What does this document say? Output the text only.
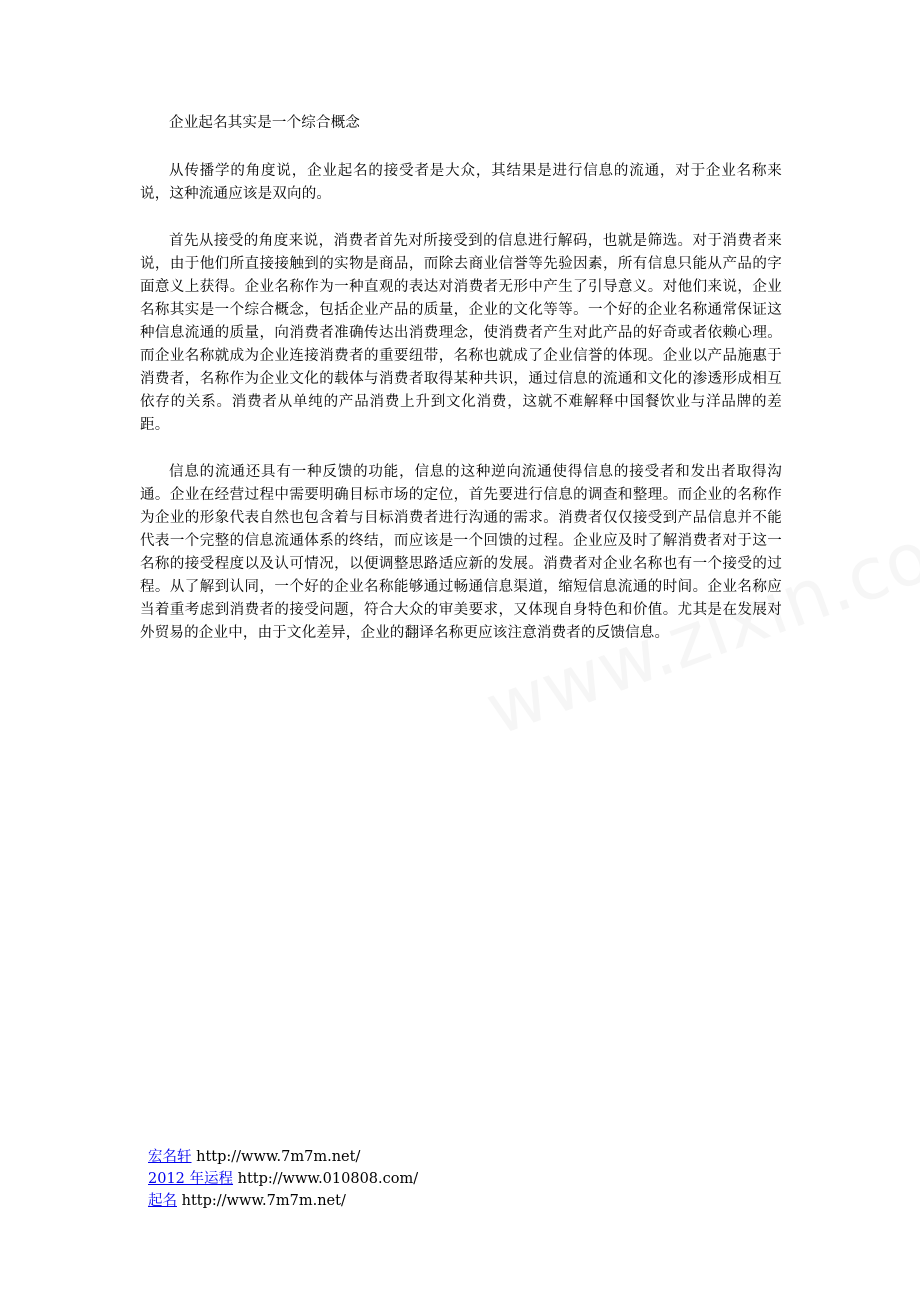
企业起名其实是一个综合概念

从传播学的角度说，企业起名的接受者是大众，其结果是进行信息的流通，对于企业名称来说，这种流通应该是双向的。

首先从接受的角度来说，消费者首先对所接受到的信息进行解码，也就是筛选。对于消费者来说，由于他们所直接接触到的实物是商品，而除去商业信誉等先验因素，所有信息只能从产品的字面意义上获得。企业名称作为一种直观的表达对消费者无形中产生了引导意义。对他们来说，企业名称其实是一个综合概念，包括企业产品的质量，企业的文化等等。一个好的企业名称通常保证这种信息流通的质量，向消费者准确传达出消费理念，使消费者产生对此产品的好奇或者依赖心理。而企业名称就成为企业连接消费者的重要纽带，名称也就成了企业信誉的体现。企业以产品施惠于消费者，名称作为企业文化的载体与消费者取得某种共识，通过信息的流通和文化的渗透形成相互依存的关系。消费者从单纯的产品消费上升到文化消费，这就不难解释中国餐饮业与洋品牌的差距。

信息的流通还具有一种反馈的功能，信息的这种逆向流通使得信息的接受者和发出者取得沟通。企业在经营过程中需要明确目标市场的定位，首先要进行信息的调查和整理。而企业的名称作为企业的形象代表自然也包含着与目标消费者进行沟通的需求。消费者仅仅接受到产品信息并不能代表一个完整的信息流通体系的终结，而应该是一个回馈的过程。企业应及时了解消费者对于这一名称的接受程度以及认可情况，以便调整思路适应新的发展。消费者对企业名称也有一个接受的过程。从了解到认同，一个好的企业名称能够通过畅通信息渠道，缩短信息流通的时间。企业名称应当着重考虑到消费者的接受问题，符合大众的审美要求，又体现自身特色和价值。尤其是在发展对外贸易的企业中，由于文化差异，企业的翻译名称更应该注意消费者的反馈信息。

宏名轩 http://www.7m7m.net/
2012 年运程 http://www.010808.com/
起名 http://www.7m7m.net/
